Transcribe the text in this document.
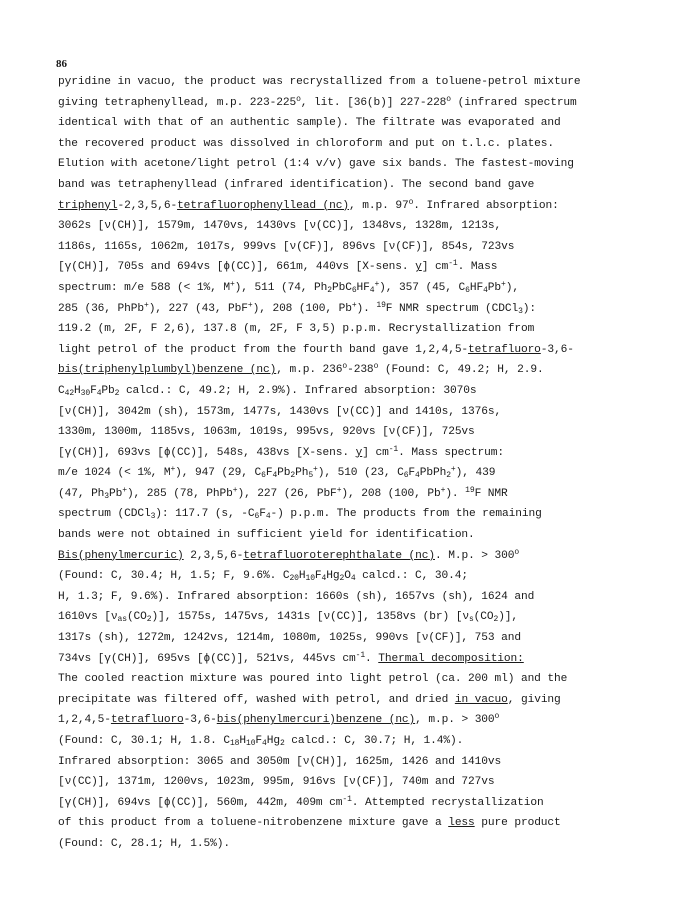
86
pyridine in vacuo, the product was recrystallized from a toluene-petrol mixture
giving tetraphenyllead, m.p. 223-225$^o$, lit. [36(b)] 227-228$^o$ (infrared spectrum
identical with that of an authentic sample). The filtrate was evaporated and
the recovered product was dissolved in chloroform and put on t.l.c. plates.
Elution with acetone/light petrol (1:4 v/v) gave six bands. The fastest-moving
band was tetraphenyllead (infrared identification). The second band gave
triphenyl-2,3,5,6-tetrafluorophenyllead (nc), m.p. 97$^o$. Infrared absorption:
3062s [ν(CH)], 1579m, 1470vs, 1430vs [ν(CC)], 1348vs, 1328m, 1213s,
1186s, 1165s, 1062m, 1017s, 999vs [ν(CF)], 896vs [ν(CF)], 854s, 723vs
[γ(CH)], 705s and 694vs [ϕ(CC)], 661m, 440vs [X-sens. y] $cm^{-1}$. Mass
spectrum: m/e 588 (< 1%, M+), 511 (74, $Ph_2PbC_6HF_4^+$), 357 (45, $C_6HF_4Pb^+$),
285 (36, PhPb+), 227 (43, PbF+), 208 (100, Pb+). $^{19}$F NMR spectrum (CDCl$_3$):
119.2 (m, 2F, F 2,6), 137.8 (m, 2F, F 3,5) p.p.m. Recrystallization from
light petrol of the product from the fourth band gave 1,2,4,5-tetrafluoro-3,6-
bis(triphenylplumbyl)benzene (nc), m.p. 236$^o$-238$^o$ (Found: C, 49.2; H, 2.9.
$C_{42}H_{30}F_4Pb_2$ calcd.: C, 49.2; H, 2.9%). Infrared absorption: 3070s
[ν(CH)], 3042m (sh), 1573m, 1477s, 1430vs [ν(CC)] and 1410s, 1376s,
1330m, 1300m, 1185vs, 1063m, 1019s, 995vs, 920vs [ν(CF)], 725vs
[γ(CH)], 693vs [ϕ(CC)], 548s, 438vs [X-sens. y] $cm^{-1}$. Mass spectrum:
m/e 1024 (< 1%, M+), 947 (29, $C_6F_4Pb_2Ph_5^+$), 510 (23, $C_6F_4PbPh_2^+$), 439
(47, $Ph_3Pb^+$), 285 (78, PhPb+), 227 (26, PbF+), 208 (100, Pb+). $^{19}$F NMR
spectrum (CDCl$_3$): 117.7 (s, $-C_6F_4-$) p.p.m. The products from the remaining
bands were not obtained in sufficient yield for identification.
Bis(phenylmercuric) 2,3,5,6-tetrafluoroterephthalate (nc). M.p. > $300^o$
(Found: C, 30.4; H, 1.5; F, 9.6%. $C_{20}H_{10}F_4Hg_2O_4$ calcd.: C, 30.4;
H, 1.3; F, 9.6%). Infrared absorption: 1660s (sh), 1657vs (sh), 1624 and
1610vs $[\nu_{as}(CO_2)]$, 1575s, 1475vs, 1431s [ν(CC)], 1358vs (br) $[\nu_s(CO_2)]$,
1317s (sh), 1272m, 1242vs, 1214m, 1080m, 1025s, 990vs [ν(CF)], 753 and
734vs [γ(CH)], 695vs [ϕ(CC)], 521vs, 445vs $cm^{-1}$. Thermal decomposition:
The cooled reaction mixture was poured into light petrol (ca. 200 ml) and the
precipitate was filtered off, washed with petrol, and dried in vacuo, giving
1,2,4,5-tetrafluoro-3,6-bis(phenylmercuri)benzene (nc), m.p. > $300^o$
(Found: C, 30.1; H, 1.8. $C_{18}H_{10}F_4Hg_2$ calcd.: C, 30.7; H, 1.4%).
Infrared absorption: 3065 and 3050m [ν(CH)], 1625m, 1426 and 1410vs
[ν(CC)], 1371m, 1200vs, 1023m, 995m, 916vs [ν(CF)], 740m and 727vs
[γ(CH)], 694vs [ϕ(CC)], 560m, 442m, 409m $cm^{-1}$. Attempted recrystallization
of this product from a toluene-nitrobenzene mixture gave a less pure product
(Found: C, 28.1; H, 1.5%).
